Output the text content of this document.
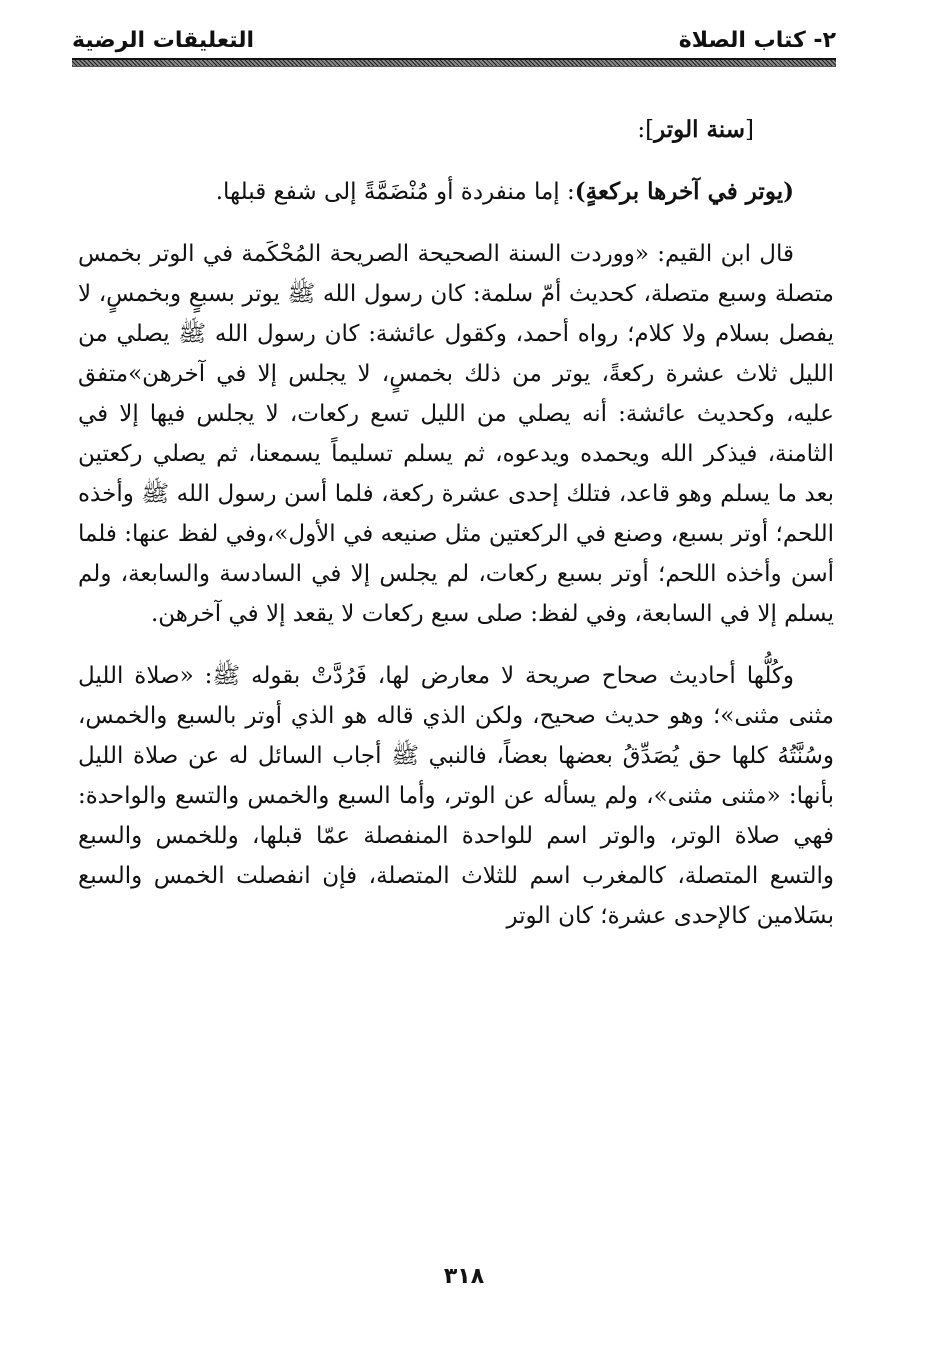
٢- كتاب الصلاة
التعليقات الرضية

[سنة الوتر]:

(يوتر في آخرها بركعةٍ): إما منفردة أو مُنْضَمَّةً إلى شفع قبلها.

قال ابن القيم: «ووردت السنة الصحيحة الصريحة المُحْكَمة في الوتر بخمس متصلة وسبع متصلة، كحديث أمّ سلمة: كان رسول الله ﷺ يوتر بسبعٍ وبخمسٍ، لا يفصل بسلام ولا كلام؛ رواه أحمد، وكقول عائشة: كان رسول الله ﷺ يصلي من الليل ثلاث عشرة ركعةً، يوتر من ذلك بخمسٍ، لا يجلس إلا في آخرهن»متفق عليه، وكحديث عائشة: أنه يصلي من الليل تسع ركعات، لا يجلس فيها إلا في الثامنة، فيذكر الله ويحمده ويدعوه، ثم يسلم تسليماً يسمعنا، ثم يصلي ركعتين بعد ما يسلم وهو قاعد، فتلك إحدى عشرة ركعة، فلما أسن رسول الله ﷺ وأخذه اللحم؛ أوتر بسبع، وصنع في الركعتين مثل صنيعه في الأول»،وفي لفظ عنها: فلما أسن وأخذه اللحم؛ أوتر بسبع ركعات، لم يجلس إلا في السادسة والسابعة، ولم يسلم إلا في السابعة، وفي لفظ: صلى سبع ركعات لا يقعد إلا في آخرهن.

وكُلُّها أحاديث صحاح صريحة لا معارض لها، فَرُدَّتْ بقوله ﷺ: «صلاة الليل مثنى مثنى»؛ وهو حديث صحيح، ولكن الذي قاله هو الذي أوتر بالسبع والخمس، وسُنَّتُهُ كلها حق يُصَدِّقُ بعضها بعضاً، فالنبي ﷺ أجاب السائل له عن صلاة الليل بأنها: «مثنى مثنى»، ولم يسأله عن الوتر، وأما السبع والخمس والتسع والواحدة: فهي صلاة الوتر، والوتر اسم للواحدة المنفصلة عمّا قبلها، وللخمس والسبع والتسع المتصلة، كالمغرب اسم للثلاث المتصلة، فإن انفصلت الخمس والسبع بسَلامين كالإحدى عشرة؛ كان الوتر

٣١٨
